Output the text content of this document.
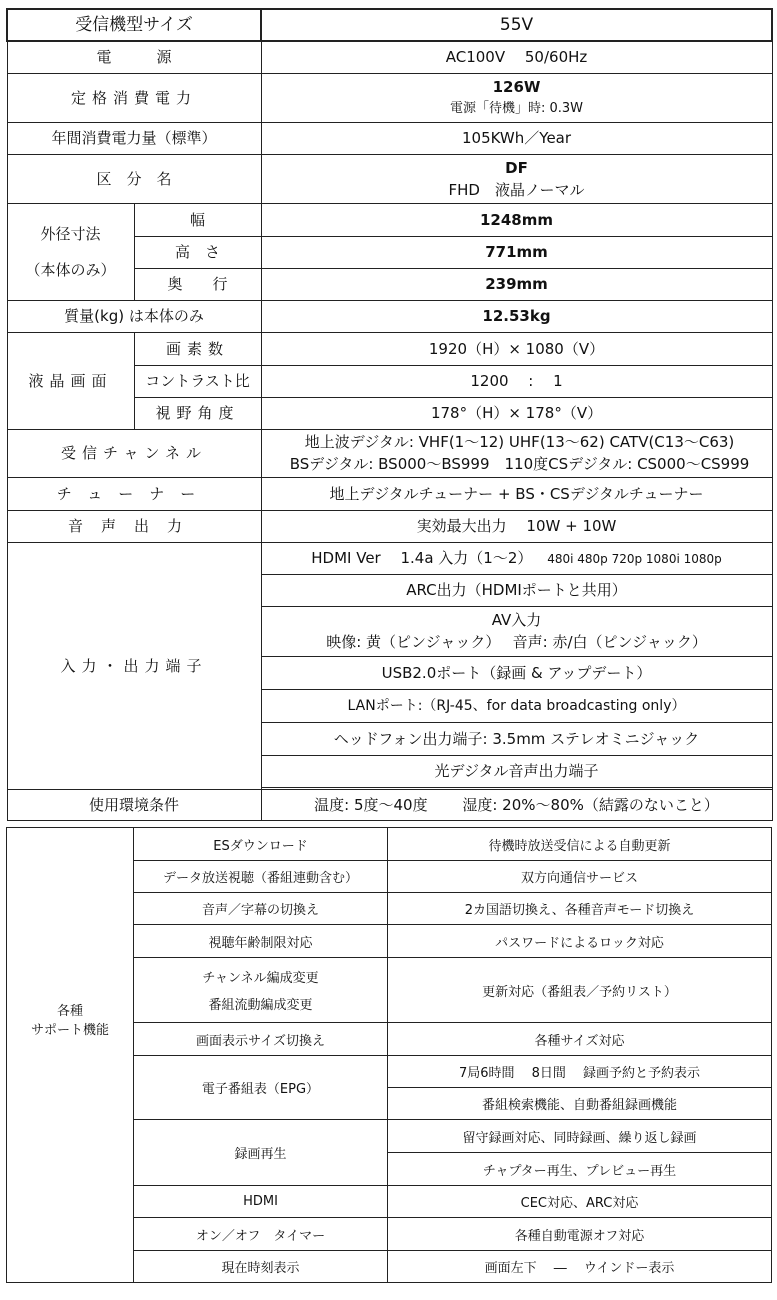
受信機型サイズ		55V
電　　　源		AC100V　 50/60Hz
定格消費電力		126W
電源「待機」時: 0.3W

年間消費電力量（標準）		105KWh／Year
区　分　名		DF
FHD　液晶ノーマル

外径寸法
（本体のみ）	幅	1248mm
	高　さ	771mm
	奥　　行	239mm
質量(kg) は本体のみ		12.53kg
液晶画面	画素数	1920（H）× 1080（V）
	コントラスト比	1200　 :　 1
	視野角度	178°（H）× 178°（V）
受信チャンネル		地上波デジタル: VHF(1〜12) UHF(13〜62) CATV(C13〜C63)
BSデジタル: BS000〜BS999　110度CSデジタル: CS000〜CS999

チューナー		地上デジタルチューナー + BS・CSデジタルチューナー
音声出力		実効最大出力　 10W + 10W
入力・出力端子		HDMI Ver　 1.4a 入力（1〜2） 480i 480p 720p 1080i 1080p
		ARC出力（HDMIポートと共用）

		AV入力
映像: 黄（ピンジャック）　 音声: 赤/白（ピンジャック）

		USB2.0ポート（録画 & アップデート）
		LANポート:（RJ-45、for data broadcasting only）
		ヘッドフォン出力端子: 3.5mm ステレオミニジャック
		光デジタル音声出力端子

使用環境条件		温度: 5度〜40度　　 湿度: 20%〜80%（結露のないこと）
各種
サポート機能	ESダウンロード	待機時放送受信による自動更新
	データ放送視聴（番組連動含む）	双方向通信サービス
	音声／字幕の切換え	2カ国語切換え、各種音声モード切換え
	視聴年齢制限対応	パスワードによるロック対応

	チャンネル編成変更
番組流動編成変更	更新対応（番組表／予約リスト）
	画面表示サイズ切換え	各種サイズ対応
	電子番組表（EPG）	7局6時間　 8日間　 録画予約と予約表示
		番組検索機能、自動番組録画機能
	録画再生	留守録画対応、同時録画、繰り返し録画
		チャプター再生、プレビュー再生
	HDMI	CEC対応、ARC対応
	オン／オフ　タイマー	各種自動電源オフ対応
	現在時刻表示	画面左下　 ―　 ウインドー表示
